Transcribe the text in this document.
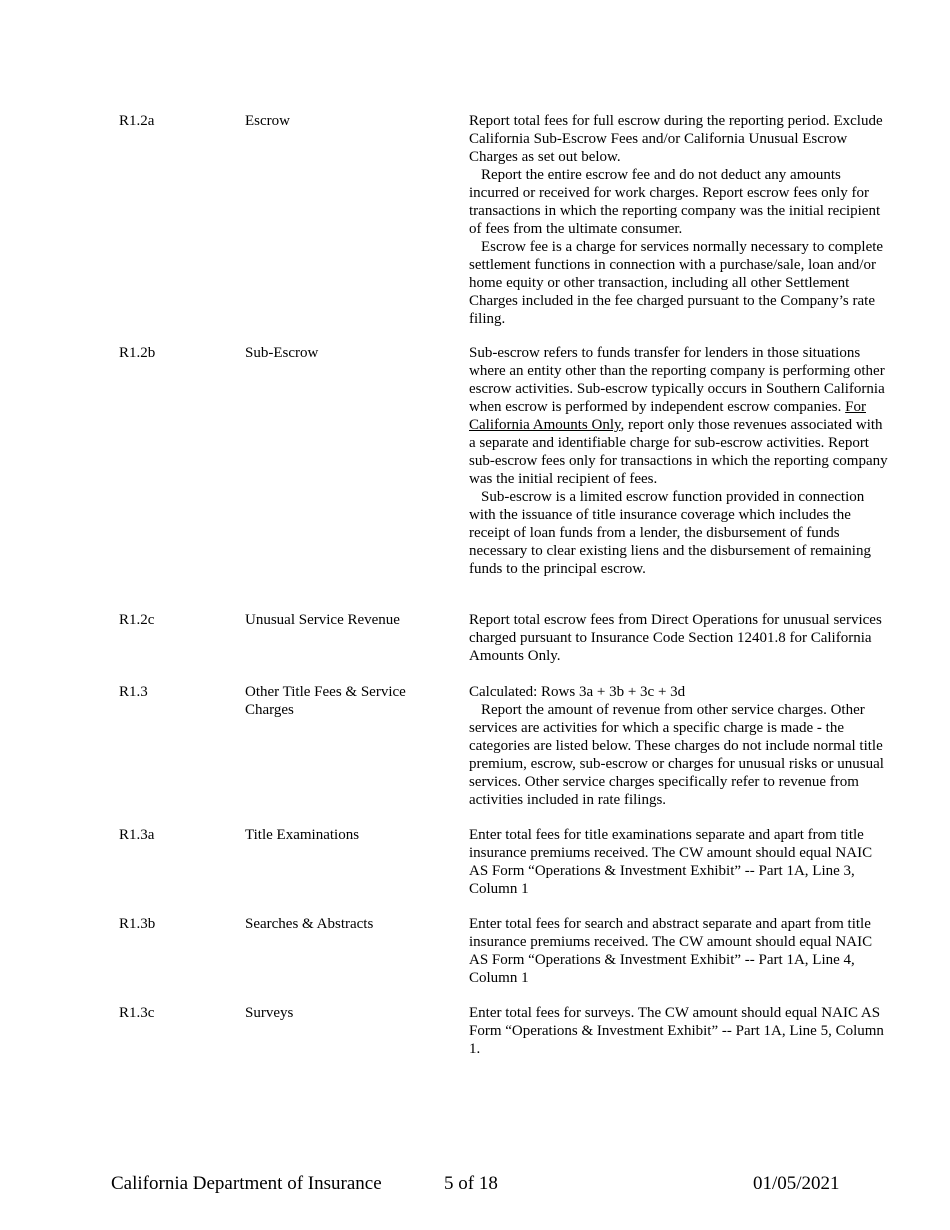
R1.2a	Escrow	Report total fees for full escrow during the reporting period. Exclude California Sub-Escrow Fees and/or California Unusual Escrow Charges as set out below.

Report the entire escrow fee and do not deduct any amounts incurred or received for work charges. Report escrow fees only for transactions in which the reporting company was the initial recipient of fees from the ultimate consumer.

Escrow fee is a charge for services normally necessary to complete settlement functions in connection with a purchase/sale, loan and/or home equity or other transaction, including all other Settlement Charges included in the fee charged pursuant to the Company’s rate filing.

R1.2b	Sub-Escrow	Sub-escrow refers to funds transfer for lenders in those situations where an entity other than the reporting company is performing other escrow activities. Sub-escrow typically occurs in Southern California when escrow is performed by independent escrow companies. For California Amounts Only, report only those revenues associated with a separate and identifiable charge for sub-escrow activities. Report sub-escrow fees only for transactions in which the reporting company was the initial recipient of fees.

Sub-escrow is a limited escrow function provided in connection with the issuance of title insurance coverage which includes the receipt of loan funds from a lender, the disbursement of funds necessary to clear existing liens and the disbursement of remaining funds to the principal escrow.

R1.2c	Unusual Service Revenue	Report total escrow fees from Direct Operations for unusual services charged pursuant to Insurance Code Section 12401.8 for California Amounts Only.

R1.3	Other Title Fees & Service Charges

Calculated: Rows 3a + 3b + 3c + 3d

Report the amount of revenue from other service charges. Other services are activities for which a specific charge is made - the categories are listed below. These charges do not include normal title premium, escrow, sub-escrow or charges for unusual risks or unusual services. Other service charges specifically refer to revenue from activities included in rate filings.

R1.3a	Title Examinations	Enter total fees for title examinations separate and apart from title insurance premiums received. The CW amount should equal NAIC AS Form “Operations & Investment Exhibit” -- Part 1A, Line 3, Column 1

R1.3b	Searches & Abstracts	Enter total fees for search and abstract separate and apart from title insurance premiums received. The CW amount should equal NAIC AS Form “Operations & Investment Exhibit” -- Part 1A, Line 4, Column 1

R1.3c	Surveys	Enter total fees for surveys. The CW amount should equal NAIC AS Form “Operations & Investment Exhibit” -- Part 1A, Line 5, Column 1.

California Department of Insurance	5 of 18	01/05/2021
